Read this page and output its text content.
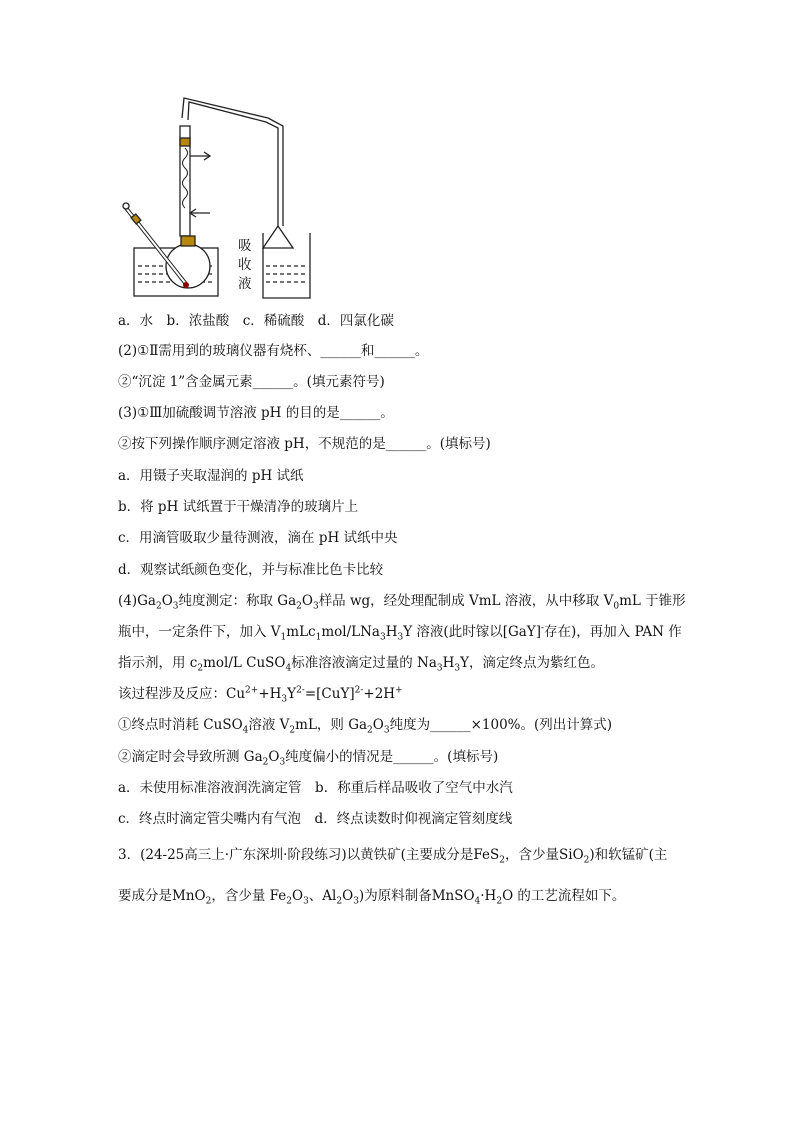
吸
收
液
a．水　b．浓盐酸　c．稀硫酸　d．四氯化碳
(2)①Ⅱ需用到的玻璃仪器有烧杯、______和______。
②“沉淀 1”含金属元素______。(填元素符号)
(3)①Ⅲ加硫酸调节溶液 pH 的目的是______。
②按下列操作顺序测定溶液 pH，不规范的是______。(填标号)
a．用镊子夹取湿润的 pH 试纸
b．将 pH 试纸置于干燥清净的玻璃片上
c．用滴管吸取少量待测液，滴在 pH 试纸中央
d．观察试纸颜色变化，并与标准比色卡比较
$(4)Ga_2O_3$纯度测定：称取 $Ga_2O_3$样品 wg，经处理配制成 VmL 溶液，从中移取 $V_0mL$ 于锥形
瓶中，一定条件下，加入 $V_1mLc_1mol/LNa_3H_3Y$ 溶液(此时镓以[GaY]-存在)，再加入 PAN 作
指示剂，用 $c_2mol/L$ CuSO$_4$标准溶液滴定过量的 $Na_3H_3Y$，滴定终点为紫红色。
该过程涉及反应：$Cu^{2+}+H_3Y^{2-}=[CuY]^{2-}+2H^+$
①终点时消耗 CuSO$_4$溶液 $V_2mL$，则 $Ga_2O_3$纯度为______×100%。(列出计算式)
②滴定时会导致所测 $Ga_2O_3$纯度偏小的情况是______。(填标号)
a．未使用标准溶液润洗滴定管　b．称重后样品吸收了空气中水汽
c．终点时滴定管尖嘴内有气泡　d．终点读数时仰视滴定管刻度线
3．(24-25高三上·广东深圳·阶段练习)以黄铁矿(主要成分是FeS$_2$，含少量SiO$_2$)和软锰矿(主
要成分是MnO$_2$，含少量 $Fe_2O_3$、$Al_2O_3$)为原料制备$MnSO_4\cdot H_2O$ 的工艺流程如下。
